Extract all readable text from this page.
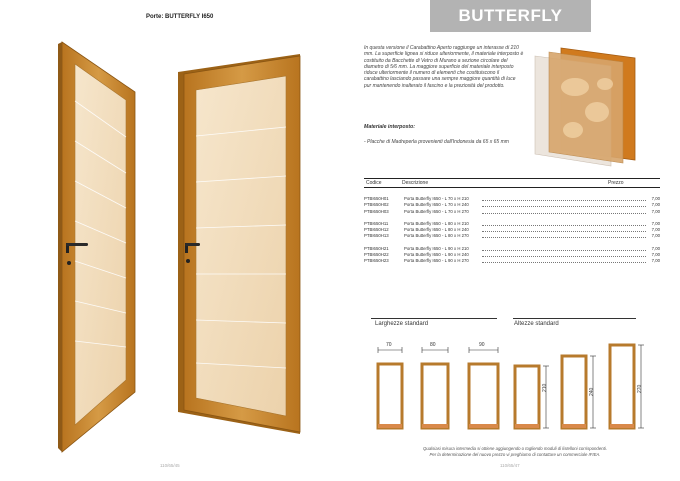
Porte: BUTTERFLY I650	BUTTERFLY
In questa versione il Carabattino Aperto raggiunge un interasse di 210 mm. La superficie lignea si riduce ulteriormente, il materiale interposto è costituito da Bacchette di Vetro di Murano a sezione circolare del diametro di 5/6 mm. La maggiore superficie del materiale interposto riduce ulteriormente il numero di elementi che costituiscono il carabattino lasciando passare una sempre maggiore quantità di luce pur mantenendo inalterato il fascino e la preziosità del prodotto.
Materiale interposto:
- Placche di Madreperla provenienti dall'Indonesia da 65 x 65 mm
Codice	Descrizione	Prezzo
PTBI650H01	Porta Butterfly I650 - L 70 x H 210	7,00
PTBI650H02	Porta Butterfly I650 - L 70 x H 240	7,00
PTBI650H03	Porta Butterfly I650 - L 70 x H 270	7,00
PTBI650H11	Porta Butterfly I650 - L 80 x H 210	7,00
PTBI650H12	Porta Butterfly I650 - L 80 x H 240	7,00
PTBI650H13	Porta Butterfly I650 - L 80 x H 270	7,00
PTBI650H21	Porta Butterfly I650 - L 90 x H 210	7,00
PTBI650H22	Porta Butterfly I650 - L 90 x H 240	7,00
PTBI650H23	Porta Butterfly I650 - L 90 x H 270	7,00
Larghezze standard	Altezze standard
70	80	90
210	240	270
Qualsiasi misura intermedia si ottiene aggiungendo o togliendo moduli di listelloni corrispondenti.
Per la determinazione del nuovo prezzo vi preghiamo di contattare un commerciale IFIEA.
110/65/45	110/65/47
